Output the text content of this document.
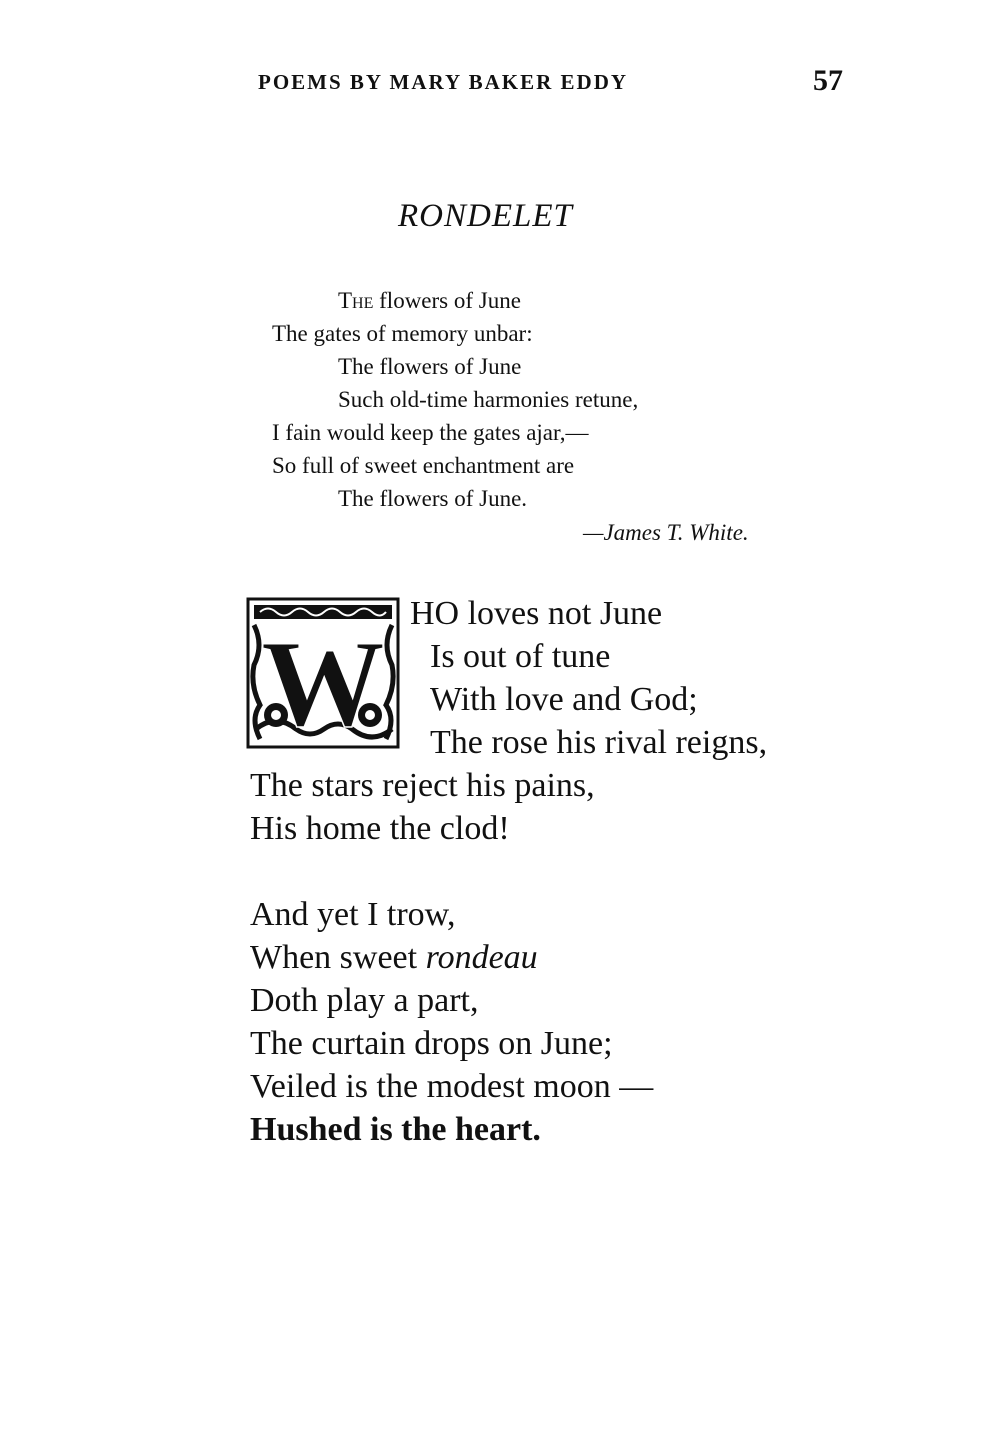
POEMS BY MARY BAKER EDDY	57
RONDELET
The flowers of June
The gates of memory unbar:
The flowers of June
Such old-time harmonies retune,
I fain would keep the gates ajar,—
So full of sweet enchantment are
The flowers of June.
—James T. White.
W
HO loves not June
Is out of tune
With love and God;
The rose his rival reigns,
The stars reject his pains,
His home the clod!
And yet I trow,
When sweet rondeau
Doth play a part,
The curtain drops on June;
Veiled is the modest moon —
Hushed is the heart.
